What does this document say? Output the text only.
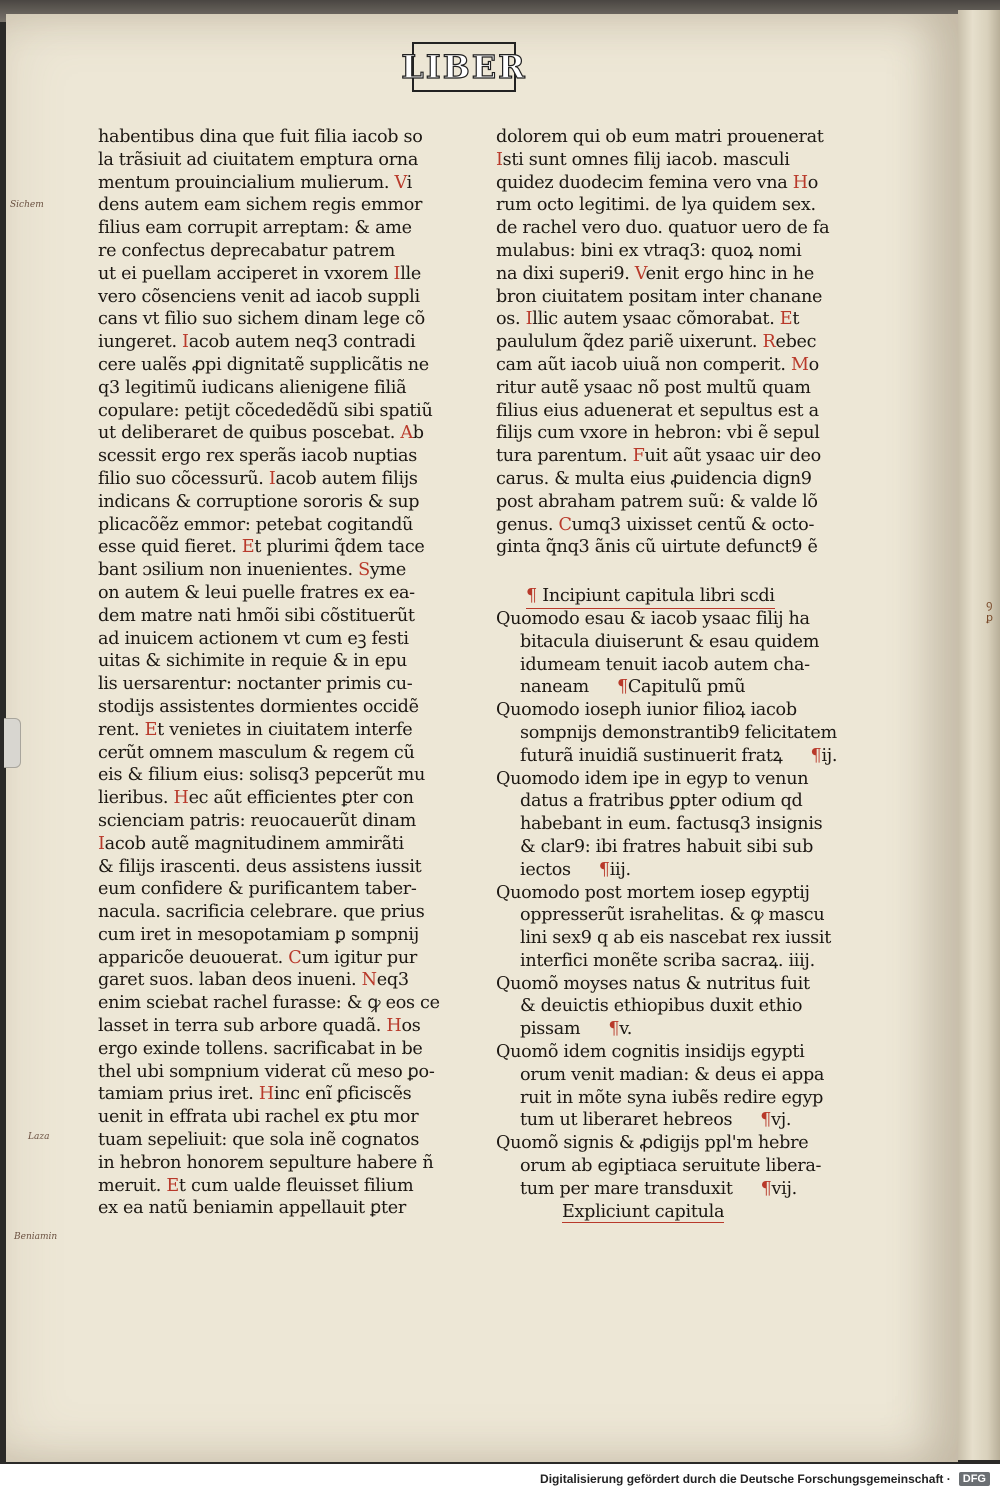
ꝯ
ꝑ
LIBER
Sichem
Laza
Beniamin
habentibus dina que fuit filia iacob so
la trãsiuit ad ciuitatem emptura orna
mentum prouincialium mulierum. Vi
dens autem eam sichem regis emmor
filius eam corrupit arreptam: & ame
re confectus deprecabatur patrem
ut ei puellam acciperet in vxorem Ille
vero cõsenciens venit ad iacob suppli
cans vt filio suo sichem dinam lege cõ
iungeret. Iacob autem neq3 contradi
cere ualẽs ꝓpi dignitatẽ supplicãtis ne
q3 legitimũ iudicans alienigene filiã
copulare: petijt cõcededẽdũ sibi spatiũ
ut deliberaret de quibus poscebat. Ab
scessit ergo rex sperãs iacob nuptias
filio suo cõcessurũ. Iacob autem filijs
indicans & corruptione sororis & sup
plicacõẽz emmor: petebat cogitandũ
esse quid fieret. Et plurimi q̃dem tace
bant ɔsilium non inuenientes. Syme
on autem & leui puelle fratres ex ea-
dem matre nati hmõi sibi cõstituerũt
ad inuicem actionem vt cum eꝫ festi
uitas & sichimite in requie & in epu
lis uersarentur: noctanter primis cu-
stodijs assistentes dormientes occidẽ
rent. Et venietes in ciuitatem interfe
cerũt omnem masculum & regem cũ
eis & filium eius: solisq3 pepcerũt mu
lieribus. Hec aũt efficientes ꝑter con
scienciam patris: reuocauerũt dinam
Iacob autẽ magnitudinem ammirãti
& filijs irascenti. deus assistens iussit
eum confidere & purificantem taber-
nacula. sacrificia celebrare. que prius
cum iret in mesopotamiam ꝑ sompnij
apparicõe deuouerat. Cum igitur pur
garet suos. laban deos inueni. Neq3
enim sciebat rachel furasse: & ꝙ eos ce
lasset in terra sub arbore quadã. Hos
ergo exinde tollens. sacrificabat in be
thel ubi sompnium viderat cũ meso ꝑo-
tamiam prius iret. Hinc enĩ ꝑficiscẽs
uenit in effrata ubi rachel ex ꝑtu mor
tuam sepeliuit: que sola inẽ cognatos
in hebron honorem sepulture habere ñ
meruit. Et cum ualde fleuisset filium
ex ea natũ beniamin appellauit ꝑter
dolorem qui ob eum matri prouenerat
Isti sunt omnes filij iacob. masculi
quidez duodecim femina vero vna Ho
rum octo legitimi. de lya quidem sex.
de rachel vero duo. quatuor uero de fa
mulabus: bini ex vtraq3: quoꝝ nomi
na dixi superi9. Venit ergo hinc in he
bron ciuitatem positam inter chanane
os. Illic autem ysaac cõmorabat. Et
paululum q̃dez pariẽ uixerunt. Rebec
cam aũt iacob uiuã non comperit. Mo
ritur autẽ ysaac nõ post multũ quam
filius eius aduenerat et sepultus est a
filijs cum vxore in hebron: vbi ẽ sepul
tura parentum. Fuit aũt ysaac uir deo
carus. & multa eius ꝓuidencia dign9
post abraham patrem suũ: & valde lõ
genus. Cumq3 uixisset centũ & octo-
ginta q̃nq3 ãnis cũ uirtute defunct9 ẽ
¶ Incipiunt capitula libri scdi
Quomodo esau & iacob ysaac filij ha
bitacula diuiserunt & esau quidem
idumeam tenuit iacob autem cha-
naneam ¶Capitulũ pmũ
Quomodo ioseph iunior filioꝝ iacob
sompnijs demonstrantib9 felicitatem
futurã inuidiã sustinuerit fratꝝ ¶ij.
Quomodo idem ipe in egyp to venun
datus a fratribus ꝑpter odium qd
habebant in eum. factusq3 insignis
& clar9: ibi fratres habuit sibi sub
iectos ¶iij.
Quomodo post mortem iosep egyptij
oppresserũt israhelitas. & ꝙ mascu
lini sex9 q ab eis nascebat rex iussit
interfici monẽte scriba sacraꝝ. iiij.
Quomõ moyses natus & nutritus fuit
& deuictis ethiopibus duxit ethio
pissam ¶v.
Quomõ idem cognitis insidijs egypti
orum venit madian: & deus ei appa
ruit in mõte syna iubẽs redire egyp
tum ut liberaret hebreos ¶vj.
Quomõ signis & ꝓdigijs ppl'm hebre
orum ab egiptiaca seruitute libera-
tum per mare transduxit ¶vij.
Expliciunt capitula
Digitalisierung gefördert durch die Deutsche Forschungsgemeinschaft ·	DFG
